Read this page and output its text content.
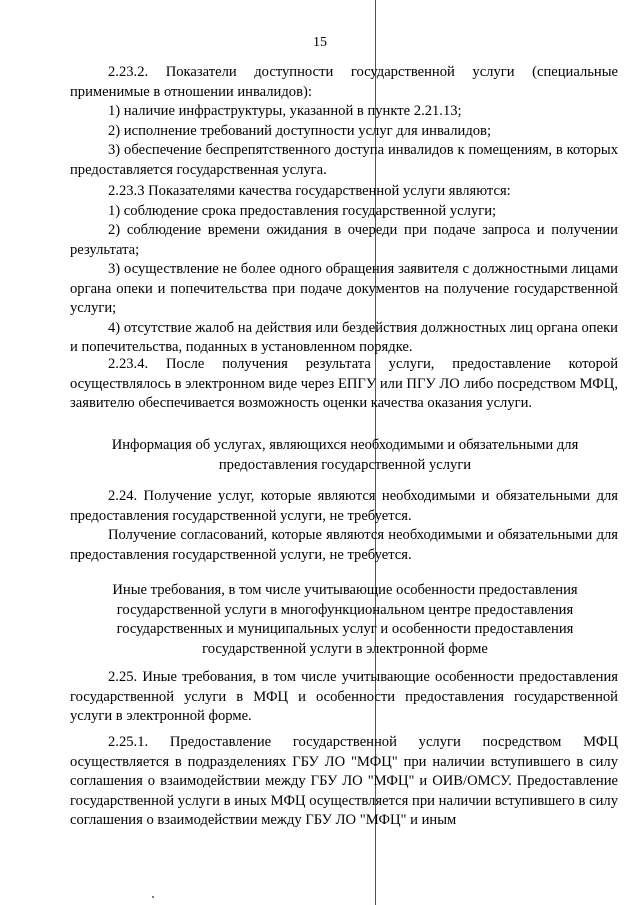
15
2.23.2. Показатели доступности государственной услуги (специальные применимые в отношении инвалидов):
1) наличие инфраструктуры, указанной в пункте 2.21.13;
2) исполнение требований доступности услуг для инвалидов;
3) обеспечение беспрепятственного доступа инвалидов к помещениям, в которых предоставляется государственная услуга.
2.23.3 Показателями качества государственной услуги являются:
1) соблюдение срока предоставления государственной услуги;
2) соблюдение времени ожидания в очереди при подаче запроса и получении результата;
3) осуществление не более одного обращения заявителя с должностными лицами органа опеки и попечительства при подаче документов на получение государственной услуги;
4) отсутствие жалоб на действия или бездействия должностных лиц органа опеки и попечительства, поданных в установленном порядке.
2.23.4. После получения результата услуги, предоставление которой осуществлялось в электронном виде через ЕПГУ или ПГУ ЛО либо посредством МФЦ, заявителю обеспечивается возможность оценки качества оказания услуги.
Информация об услугах, являющихся необходимыми и обязательными для предоставления государственной услуги
2.24. Получение услуг, которые являются необходимыми и обязательными для предоставления государственной услуги, не требуется.
Получение согласований, которые являются необходимыми и обязательными для предоставления государственной услуги, не требуется.
Иные требования, в том числе учитывающие особенности предоставления государственной услуги в многофункциональном центре предоставления государственных и муниципальных услуг и особенности предоставления государственной услуги в электронной форме
2.25. Иные требования, в том числе учитывающие особенности предоставления государственной услуги в МФЦ и особенности предоставления государственной услуги в электронной форме.
2.25.1. Предоставление государственной услуги посредством МФЦ осуществляется в подразделениях ГБУ ЛО "МФЦ" при наличии вступившего в силу соглашения о взаимодействии между ГБУ ЛО "МФЦ" и ОИВ/ОМСУ. Предоставление государственной услуги в иных МФЦ осуществляется при наличии вступившего в силу соглашения о взаимодействии между ГБУ ЛО "МФЦ" и иным
